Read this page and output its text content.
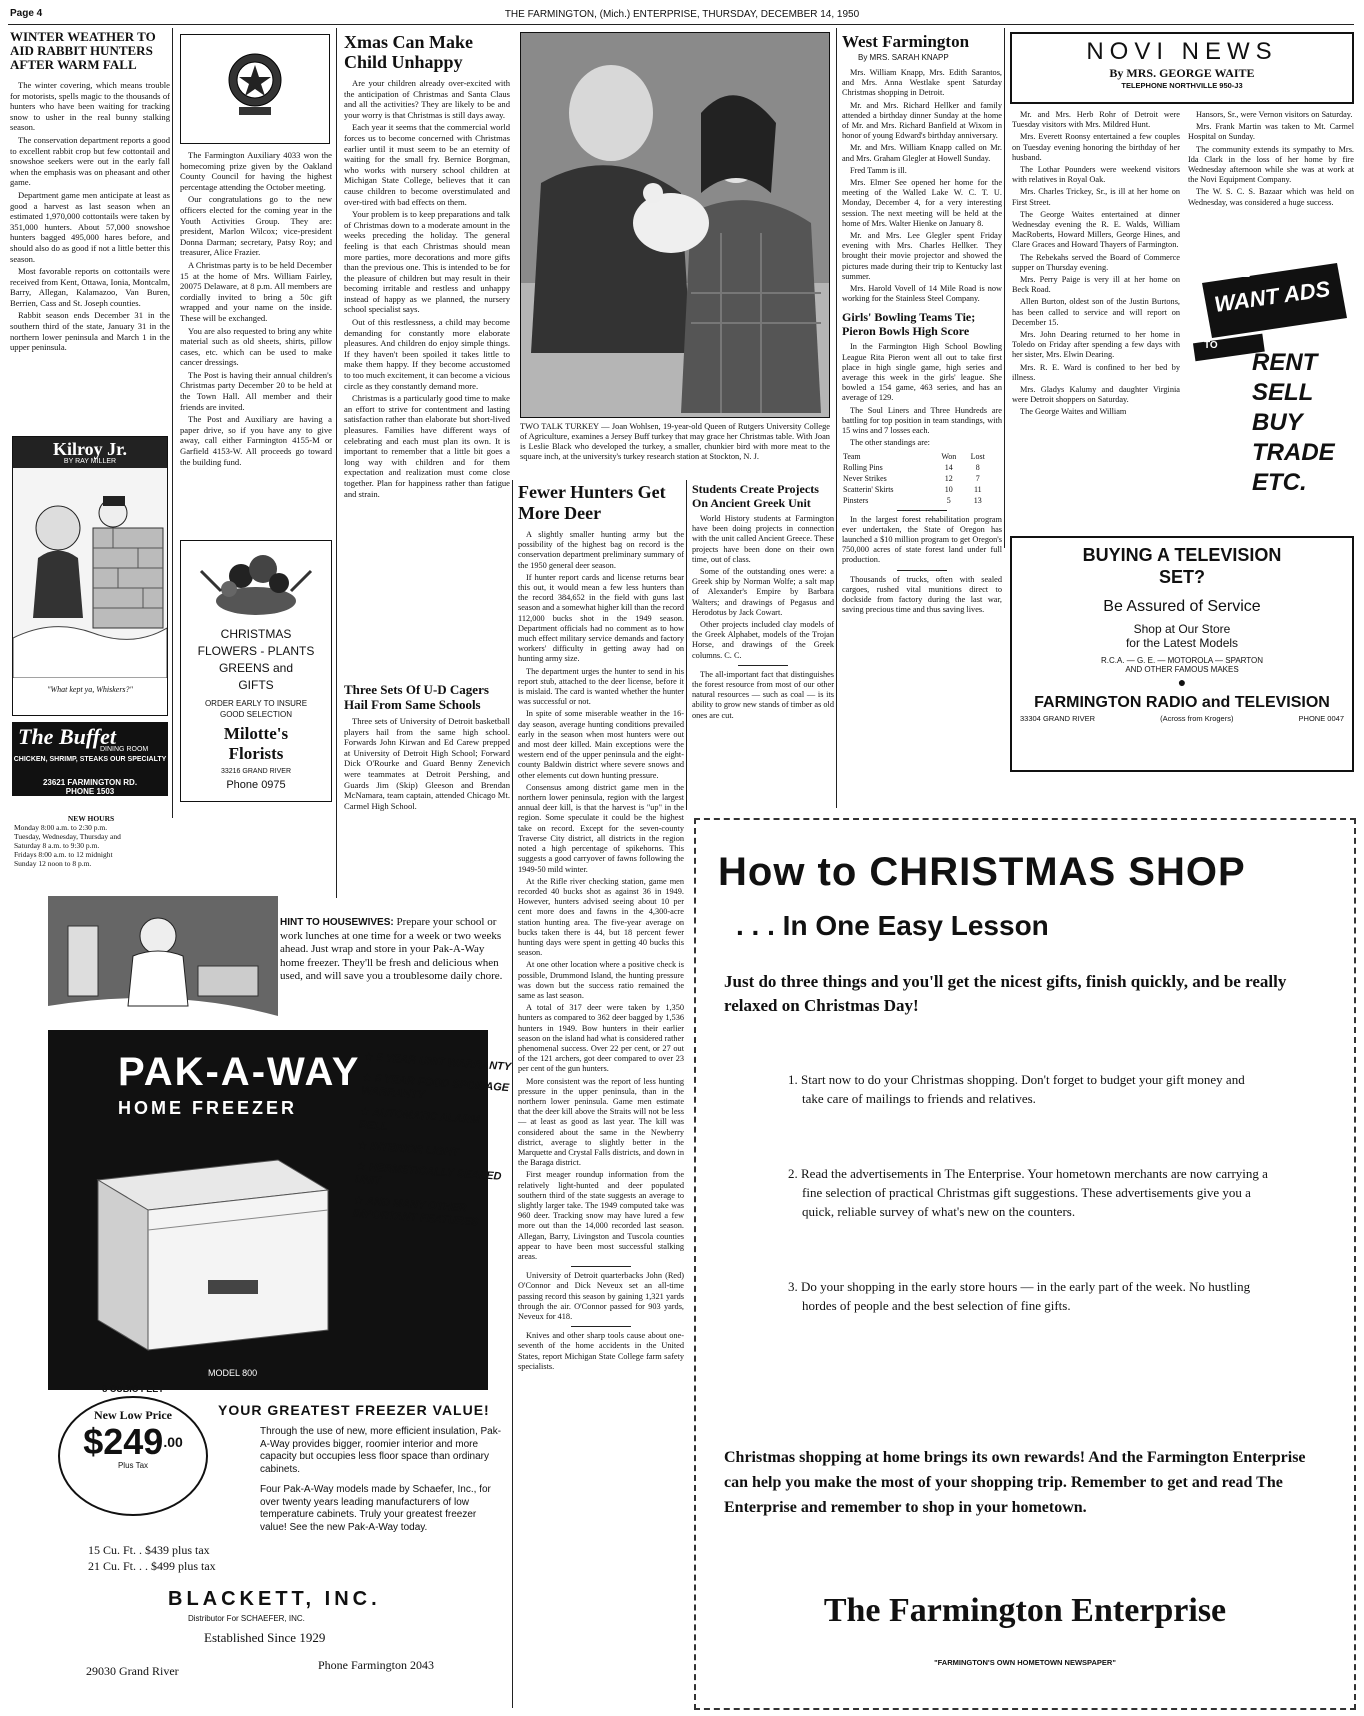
Page 4	THE FARMINGTON, (Mich.) ENTERPRISE, THURSDAY, DECEMBER 14, 1950
WINTER WEATHER TO AID RABBIT HUNTERS AFTER WARM FALL

The winter covering, which means trouble for motorists, spells magic to the thousands of hunters who have been waiting for tracking snow to usher in the real bunny stalking season.

The conservation department reports a good to excellent rabbit crop but few cottontail and snowshoe seekers were out in the early fall when the emphasis was on pheasant and other game.

Department game men anticipate at least as good a harvest as last season when an estimated 1,970,000 cottontails were taken by 351,000 hunters. About 57,000 snowshoe hunters bagged 495,000 hares before, and should also do as good if not a little better this season.

Most favorable reports on cottontails were received from Kent, Ottawa, Ionia, Montcalm, Barry, Allegan, Kalamazoo, Van Buren, Berrien, Cass and St. Joseph counties.

Rabbit season ends December 31 in the southern third of the state, January 31 in the northern lower peninsula and March 1 in the upper peninsula.

Kilroy Jr.
BY RAY MILLER
"What kept ya, Whiskers?"
The Buffet
DINING ROOM
CHICKEN, SHRIMP, STEAKS OUR SPECIALTY
23621 FARMINGTON RD.
PHONE 1503
NEW HOURS
Monday 8:00 a.m. to 2:30 p.m.
Tuesday, Wednesday, Thursday and
Saturday 8 a.m. to 9:30 p.m.
Fridays 8:00 a.m. to 12 midnight
Sunday 12 noon to 8 p.m.

The Farmington Auxiliary 4033 won the homecoming prize given by the Oakland County Council for having the highest percentage attending the October meeting.

Our congratulations go to the new officers elected for the coming year in the Youth Activities Group. They are: president, Marlon Wilcox; vice-president Donna Darman; secretary, Patsy Roy; and treasurer, Alice Frazier.

A Christmas party is to be held December 15 at the home of Mrs. William Fairley, 20075 Delaware, at 8 p.m. All members are cordially invited to bring a 50c gift wrapped and your name on the inside. These will be exchanged.

You are also requested to bring any white material such as old sheets, shirts, pillow cases, etc. which can be used to make cancer dressings.

The Post is having their annual children's Christmas party December 20 to be held at the Town Hall. All member and their friends are invited.

The Post and Auxiliary are having a paper drive, so if you have any to give away, call either Farmington 4155-M or Garfield 4153-W. All proceeds go toward the building fund.

CHRISTMAS
FLOWERS - PLANTS
GREENS and
GIFTS
ORDER EARLY TO INSURE GOOD SELECTION
Milotte's
Florists
33216 GRAND RIVER
Phone 0975
Xmas Can Make Child Unhappy

Are your children already over-excited with the anticipation of Christmas and Santa Claus and all the activities? They are likely to be and your worry is that Christmas is still days away.

Each year it seems that the commercial world forces us to become concerned with Christmas earlier until it must seem to be an eternity of waiting for the small fry. Bernice Borgman, who works with nursery school children at Michigan State College, believes that it can cause children to become overstimulated and over-tired with bad effects on them.

Your problem is to keep preparations and talk of Christmas down to a moderate amount in the weeks preceding the holiday. The general feeling is that each Christmas should mean more parties, more decorations and more gifts than the previous one. This is intended to be for the pleasure of children but may result in their becoming irritable and restless and unhappy instead of happy as we planned, the nursery school specialist says.

Out of this restlessness, a child may become demanding for constantly more elaborate pleasures. And children do enjoy simple things. If they haven't been spoiled it takes little to make them happy. If they become accustomed to too much excitement, it can become a vicious circle as they constantly demand more.

Christmas is a particularly good time to make an effort to strive for contentment and lasting satisfaction rather than elaborate but short-lived pleasures. Families have different ways of celebrating and each must plan its own. It is important to remember that a little bit goes a long way with children and for them expectation and realization must come close together. Plan for happiness rather than fatigue and strain.

Three Sets Of U-D Cagers Hail From Same Schools

Three sets of University of Detroit basketball players hail from the same high school. Forwards John Kirwan and Ed Carew prepped at University of Detroit High School; Forward Dick O'Rourke and Guard Benny Zenevich were teammates at Detroit Pershing, and Guards Jim (Skip) Gleeson and Brendan McNamara, team captain, attended Chicago Mt. Carmel High School.

TWO TALK TURKEY — Joan Wohlsen, 19-year-old Queen of Rutgers University College of Agriculture, examines a Jersey Buff turkey that may grace her Christmas table. With Joan is Leslie Black who developed the turkey, a smaller, chunkier bird with more meat to the square inch, at the university's turkey research station at Stockton, N. J.
Fewer Hunters Get More Deer

A slightly smaller hunting army but the possibility of the highest bag on record is the conservation department preliminary summary of the 1950 general deer season.

If hunter report cards and license returns bear this out, it would mean a few less hunters than the record 384,652 in the field with guns last season and a somewhat higher kill than the record 112,000 bucks shot in the 1949 season. Department officials had no comment as to how much effect military service demands and factory workers' difficulty in getting away had on hunting army size.

The department urges the hunter to send in his report stub, attached to the deer license, before it is mislaid. The card is wanted whether the hunter was successful or not.

In spite of some miserable weather in the 16-day season, average hunting conditions prevailed early in the season when most hunters were out and most deer killed. Main exceptions were the western end of the upper peninsula and the eight-county Baldwin district where severe snows and other elements cut down hunting pressure.

Consensus among district game men in the northern lower peninsula, region with the largest annual deer kill, is that the harvest is "up" in the region. Some speculate it could be the highest take on record. Except for the seven-county Traverse City district, all districts in the region noted a high percentage of spikehorns. This suggests a good carryover of fawns following the 1949-50 mild winter.

At the Rifle river checking station, game men recorded 40 bucks shot as against 36 in 1949. However, hunters advised seeing about 10 per cent more does and fawns in the 4,300-acre station hunting area. The five-year average on bucks taken there is 44, but 18 percent fewer hunting days were spent in getting 40 bucks this season.

At one other location where a positive check is possible, Drummond Island, the hunting pressure was down but the success ratio remained the same as last season.

A total of 317 deer were taken by 1,350 hunters as compared to 362 deer bagged by 1,536 hunters in 1949. Bow hunters in their earlier season on the island had what is considered rather phenomenal success. Over 22 per cent, or 27 out of the 121 archers, got deer compared to over 23 per cent of the gun hunters.

More consistent was the report of less hunting pressure in the upper peninsula, than in the northern lower peninsula. Game men estimate that the deer kill above the Straits will not be less — at least as good as last year. The kill was considered about the same in the Newberry district, average to slightly better in the Marquette and Crystal Falls districts, and down in the Baraga district.

First meager roundup information from the relatively light-hunted and deer populated southern third of the state suggests an average to slightly larger take. The 1949 computed take was 960 deer. Tracking snow may have lured a few more out than the 14,000 recorded last season. Allegan, Barry, Livingston and Tuscola counties appear to have been most successful stalking areas.

University of Detroit quarterbacks John (Red) O'Connor and Dick Neveux set an all-time passing record this season by gaining 1,321 yards through the air. O'Connor passed for 903 yards, Neveux for 418.

Knives and other sharp tools cause about one-seventh of the home accidents in the United States, report Michigan State College farm safety specialists.

Students Create Projects On Ancient Greek Unit

World History students at Farmington have been doing projects in connection with the unit called Ancient Greece. These projects have been done on their own time, out of class.

Some of the outstanding ones were: a Greek ship by Norman Wolfe; a salt map of Alexander's Empire by Barbara Walters; and drawings of Pegasus and Herodotus by Jack Cowart.

Other projects included clay models of the Greek Alphabet, models of the Trojan Horse, and drawings of the Greek columns. C. C.

The all-important fact that distinguishes the forest resource from most of our other natural resources — such as coal — is its ability to grow new stands of timber as old ones are cut.

West Farmington
By MRS. SARAH KNAPP

Mrs. William Knapp, Mrs. Edith Sarantos, and Mrs. Anna Westlake spent Saturday Christmas shopping in Detroit.

Mr. and Mrs. Richard Hellker and family attended a birthday dinner Sunday at the home of Mr. and Mrs. Richard Banfield at Wixom in honor of young Edward's birthday anniversary.

Mr. and Mrs. William Knapp called on Mr. and Mrs. Graham Glegler at Howell Sunday.

Fred Tamm is ill.

Mrs. Elmer See opened her home for the meeting of the Walled Lake W. C. T. U. Monday, December 4, for a very interesting session. The next meeting will be held at the home of Mrs. Walter Hienke on January 8.

Mr. and Mrs. Lee Glegler spent Friday evening with Mrs. Charles Hellker. They brought their movie projector and showed the pictures made during their trip to Kentucky last summer.

Mrs. Harold Vovell of 14 Mile Road is now working for the Stainless Steel Company.

Girls' Bowling Teams Tie; Pieron Bowls High Score

In the Farmington High School Bowling League Rita Pieron went all out to take first place in high single game, high series and average this week in the girls' league. She bowled a 154 game, 463 series, and has an average of 129.

The Soul Liners and Three Hundreds are battling for top position in team standings, with 15 wins and 7 losses each.

The other standings are:

Team	Won	Lost
Rolling Pins	14	8
Never Strikes	12	7
Scatterin' Skirts	10	11
Pinsters	5	13

In the largest forest rehabilitation program ever undertaken, the State of Oregon has launched a $10 million program to get Oregon's 750,000 acres of state forest land under full production.

Thousands of trucks, often with sealed cargoes, rushed vital munitions direct to dockside from factory during the last war, saving precious time and thus saving lives.

NOVI NEWS
By MRS. GEORGE WAITE
TELEPHONE NORTHVILLE 950-J3

Mr. and Mrs. Herb Rohr of Detroit were Tuesday visitors with Mrs. Mildred Hunt.

Mrs. Everett Roonsy entertained a few couples on Tuesday evening honoring the birthday of her husband.

The Lothar Pounders were weekend visitors with relatives in Royal Oak.

Mrs. Charles Trickey, Sr., is ill at her home on First Street.

The George Waites entertained at dinner Wednesday evening the R. E. Walds, William MacRoberts, Howard Millers, George Hines, and Clare Graces and Howard Thayers of Farmington.

The Rebekahs served the Board of Commerce supper on Thursday evening.

Mrs. Perry Paige is very ill at her home on Beck Road.

Allen Burton, oldest son of the Justin Burtons, has been called to service and will report on December 15.

Mrs. John Dearing returned to her home in Toledo on Friday after spending a few days with her sister, Mrs. Elwin Dearing.

Mrs. R. E. Ward is confined to her bed by illness.

Mrs. Gladys Kalumy and daughter Virginia were Detroit shoppers on Saturday.

The George Waites and William

Hansors, Sr., were Vernon visitors on Saturday.

Mrs. Frank Martin was taken to Mt. Carmel Hospital on Sunday.

The community extends its sympathy to Mrs. Ida Clark in the loss of her home by fire Wednesday afternoon while she was at work at the Novi Equipment Company.

The W. S. C. S. Bazaar which was held on Wednesday, was considered a huge success.

USE
WANT ADS
TO
RENT
SELL
BUY
TRADE
ETC.
BUYING A TELEVISION SET?
Be Assured of Service
Shop at Our Store
for the Latest Models
R.C.A. — G. E. — MOTOROLA — SPARTON
AND OTHER FAMOUS MAKES
●
FARMINGTON RADIO and TELEVISION
33304 GRAND RIVER	(Across from Krogers)	PHONE 0047
How to CHRISTMAS SHOP
. . . In One Easy Lesson
Just do three things and you'll get the nicest gifts, finish quickly, and be really relaxed on Christmas Day!
1. Start now to do your Christmas shopping. Don't forget to budget your gift money and take care of mailings to friends and relatives.
2. Read the advertisements in The Enterprise. Your hometown merchants are now carrying a fine selection of practical Christmas gift suggestions. These advertisements give you a quick, reliable survey of what's new on the counters.
3. Do your shopping in the early store hours — in the early part of the week. No hustling hordes of people and the best selection of fine gifts.
Christmas shopping at home brings its own rewards! And the Farmington Enterprise can help you make the most of your shopping trip. Remember to get and read The Enterprise and remember to shop in your hometown.
The Farmington Enterprise
"FARMINGTON'S OWN HOMETOWN NEWSPAPER"
HINT TO HOUSEWIVES: Prepare your school or work lunches at one time for a week or two weeks ahead. Just wrap and store in your Pak-A-Way home freezer. They'll be fresh and delicious when used, and will save you a troublesome daily chore.
PAK-A-WAY
HOME FREEZER
MODEL 800
★ 5 YEAR UNIT WARRANTY
★ 5 YEAR FOOD SPOILAGE WARRANTY
★ AUTOMATIC ALARM BELL
★ INTERIOR LIGHT
★ HERMETICALLY SEALED UNIT
★ AND MANY OTHER IMPORTANT FEATURES
8 CUBIC FEET
New Low Price
$\$249^{.00}$
Plus Tax
YOUR GREATEST FREEZER VALUE!
Through the use of new, more efficient insulation, Pak-A-Way provides bigger, roomier interior and more capacity but occupies less floor space than ordinary cabinets.
Four Pak-A-Way models made by Schaefer, Inc., for over twenty years leading manufacturers of low temperature cabinets. Truly your greatest freezer value! See the new Pak-A-Way today.
15 Cu. Ft. . $439 plus tax
21 Cu. Ft. . . $499 plus tax
BLACKETT, INC.
Distributor For SCHAEFER, INC.
Established Since 1929
29030 Grand River	Phone Farmington 2043
